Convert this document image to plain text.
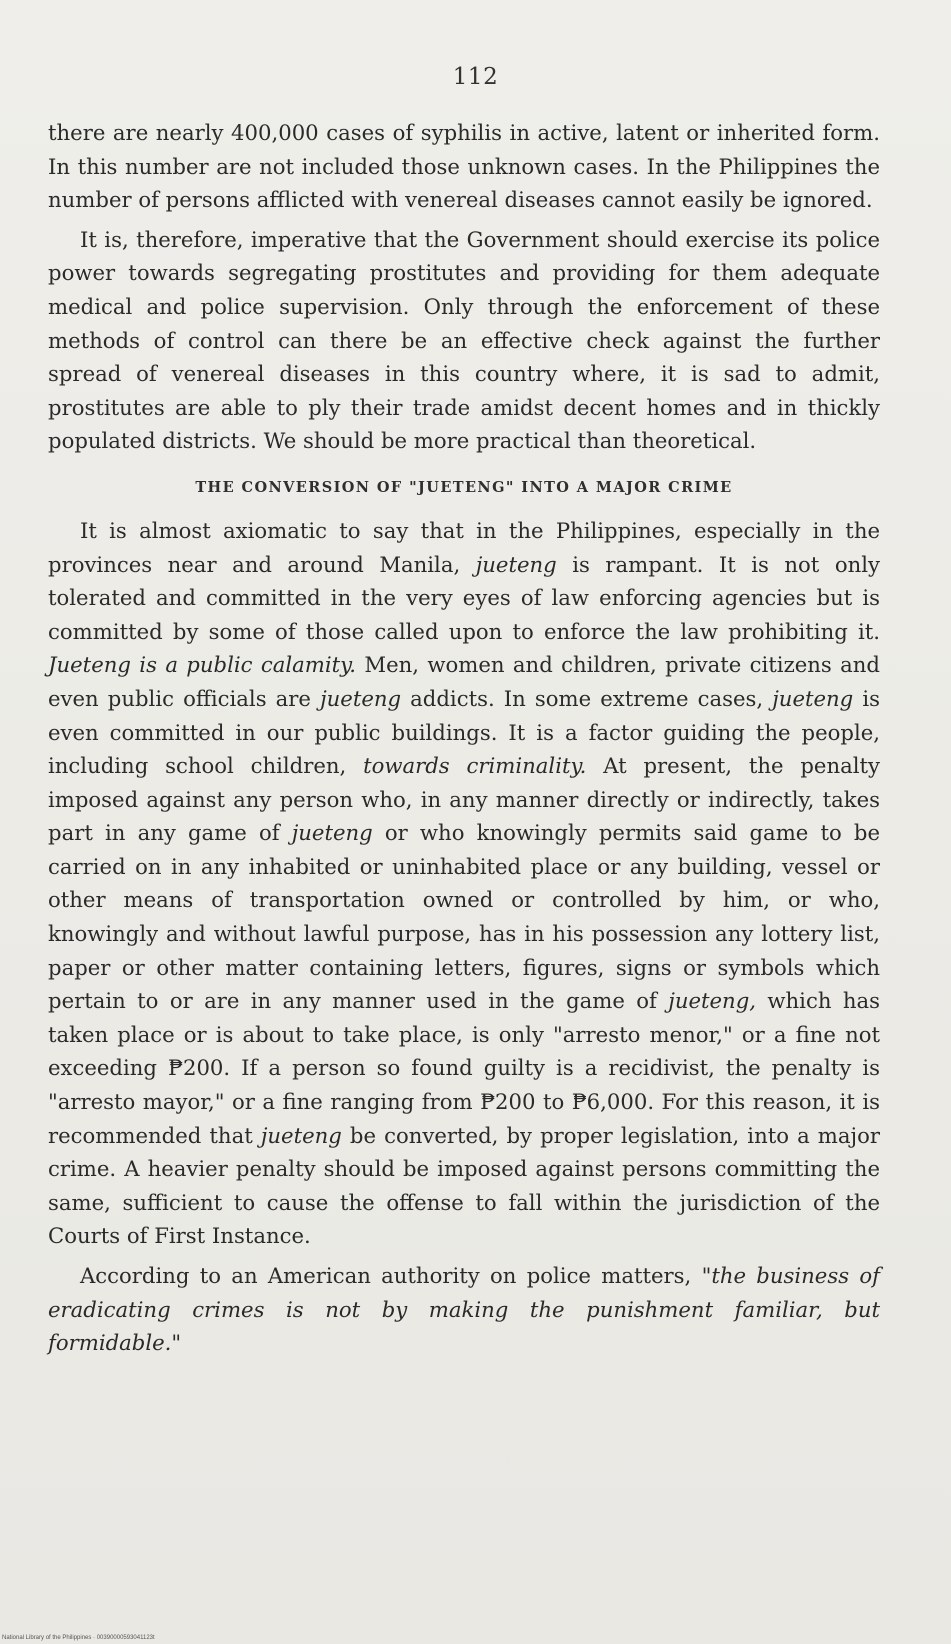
112

there are nearly 400,000 cases of syphilis in active, latent or inherited form. In this number are not included those unknown cases. In the Philippines the number of persons afflicted with venereal diseases cannot easily be ignored.

It is, therefore, imperative that the Government should exercise its police power towards segregating prostitutes and providing for them adequate medical and police supervision. Only through the enforcement of these methods of control can there be an effective check against the further spread of venereal diseases in this country where, it is sad to admit, prostitutes are able to ply their trade amidst decent homes and in thickly populated districts. We should be more practical than theoretical.

THE CONVERSION OF "JUETENG" INTO A MAJOR CRIME

It is almost axiomatic to say that in the Philippines, especially in the provinces near and around Manila, jueteng is rampant. It is not only tolerated and committed in the very eyes of law enforcing agencies but is committed by some of those called upon to enforce the law prohibiting it. Jueteng is a public calamity. Men, women and children, private citizens and even public officials are jueteng addicts. In some extreme cases, jueteng is even committed in our public buildings. It is a factor guiding the people, including school children, towards criminality. At present, the penalty imposed against any person who, in any manner directly or indirectly, takes part in any game of jueteng or who knowingly permits said game to be carried on in any inhabited or uninhabited place or any building, vessel or other means of transportation owned or controlled by him, or who, knowingly and without lawful purpose, has in his possession any lottery list, paper or other matter containing letters, figures, signs or symbols which pertain to or are in any manner used in the game of jueteng, which has taken place or is about to take place, is only "arresto menor," or a fine not exceeding ₱200. If a person so found guilty is a recidivist, the penalty is "arresto mayor," or a fine ranging from ₱200 to ₱6,000. For this reason, it is recommended that jueteng be converted, by proper legislation, into a major crime. A heavier penalty should be imposed against persons committing the same, sufficient to cause the offense to fall within the jurisdiction of the Courts of First Instance.

According to an American authority on police matters, "the business of eradicating crimes is not by making the punishment familiar, but formidable."

National Library of the Philippines · 00390000593041123t
